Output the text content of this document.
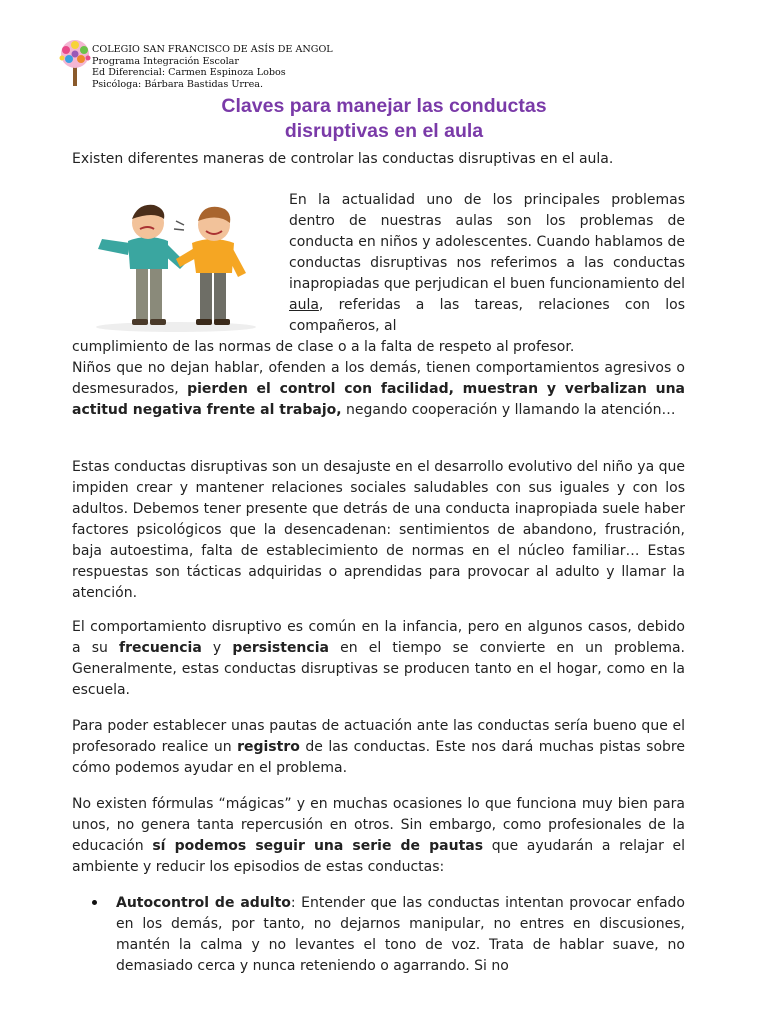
COLEGIO SAN FRANCISCO DE ASÍS DE ANGOL
Programa Integración Escolar
Ed Diferencial: Carmen Espinoza Lobos
Psicóloga: Bárbara Bastidas Urrea.
Claves para manejar las conductas
disruptivas en el aula

Existen diferentes maneras de controlar las conductas disruptivas en el aula.

En la actualidad uno de los principales problemas dentro de nuestras aulas son los problemas de conducta en niños y adolescentes. Cuando hablamos de conductas disruptivas nos referimos a las conductas inapropiadas que perjudican el buen funcionamiento del aula, referidas a las tareas, relaciones con los compañeros, al

cumplimiento de las normas de clase o a la falta de respeto al profesor.
Niños que no dejan hablar, ofenden a los demás, tienen comportamientos agresivos o desmesurados, pierden el control con facilidad, muestran y verbalizan una actitud negativa frente al trabajo, negando cooperación y llamando la atención…

Estas conductas disruptivas son un desajuste en el desarrollo evolutivo del niño ya que impiden crear y mantener relaciones sociales saludables con sus iguales y con los adultos. Debemos tener presente que detrás de una conducta inapropiada suele haber factores psicológicos que la desencadenan: sentimientos de abandono, frustración, baja autoestima, falta de establecimiento de normas en el núcleo familiar… Estas respuestas son tácticas adquiridas o aprendidas para provocar al adulto y llamar la atención.

El comportamiento disruptivo es común en la infancia, pero en algunos casos, debido a su frecuencia y persistencia en el tiempo se convierte en un problema. Generalmente, estas conductas disruptivas se producen tanto en el hogar, como en la escuela.

Para poder establecer unas pautas de actuación ante las conductas sería bueno que el profesorado realice un registro de las conductas. Este nos dará muchas pistas sobre cómo podemos ayudar en el problema.

No existen fórmulas “mágicas” y en muchas ocasiones lo que funciona muy bien para unos, no genera tanta repercusión en otros. Sin embargo, como profesionales de la educación sí podemos seguir una serie de pautas que ayudarán a relajar el ambiente y reducir los episodios de estas conductas:

Autocontrol de adulto: Entender que las conductas intentan provocar enfado en los demás, por tanto, no dejarnos manipular, no entres en discusiones, mantén la calma y no levantes el tono de voz. Trata de hablar suave, no demasiado cerca y nunca reteniendo o agarrando. Si no
